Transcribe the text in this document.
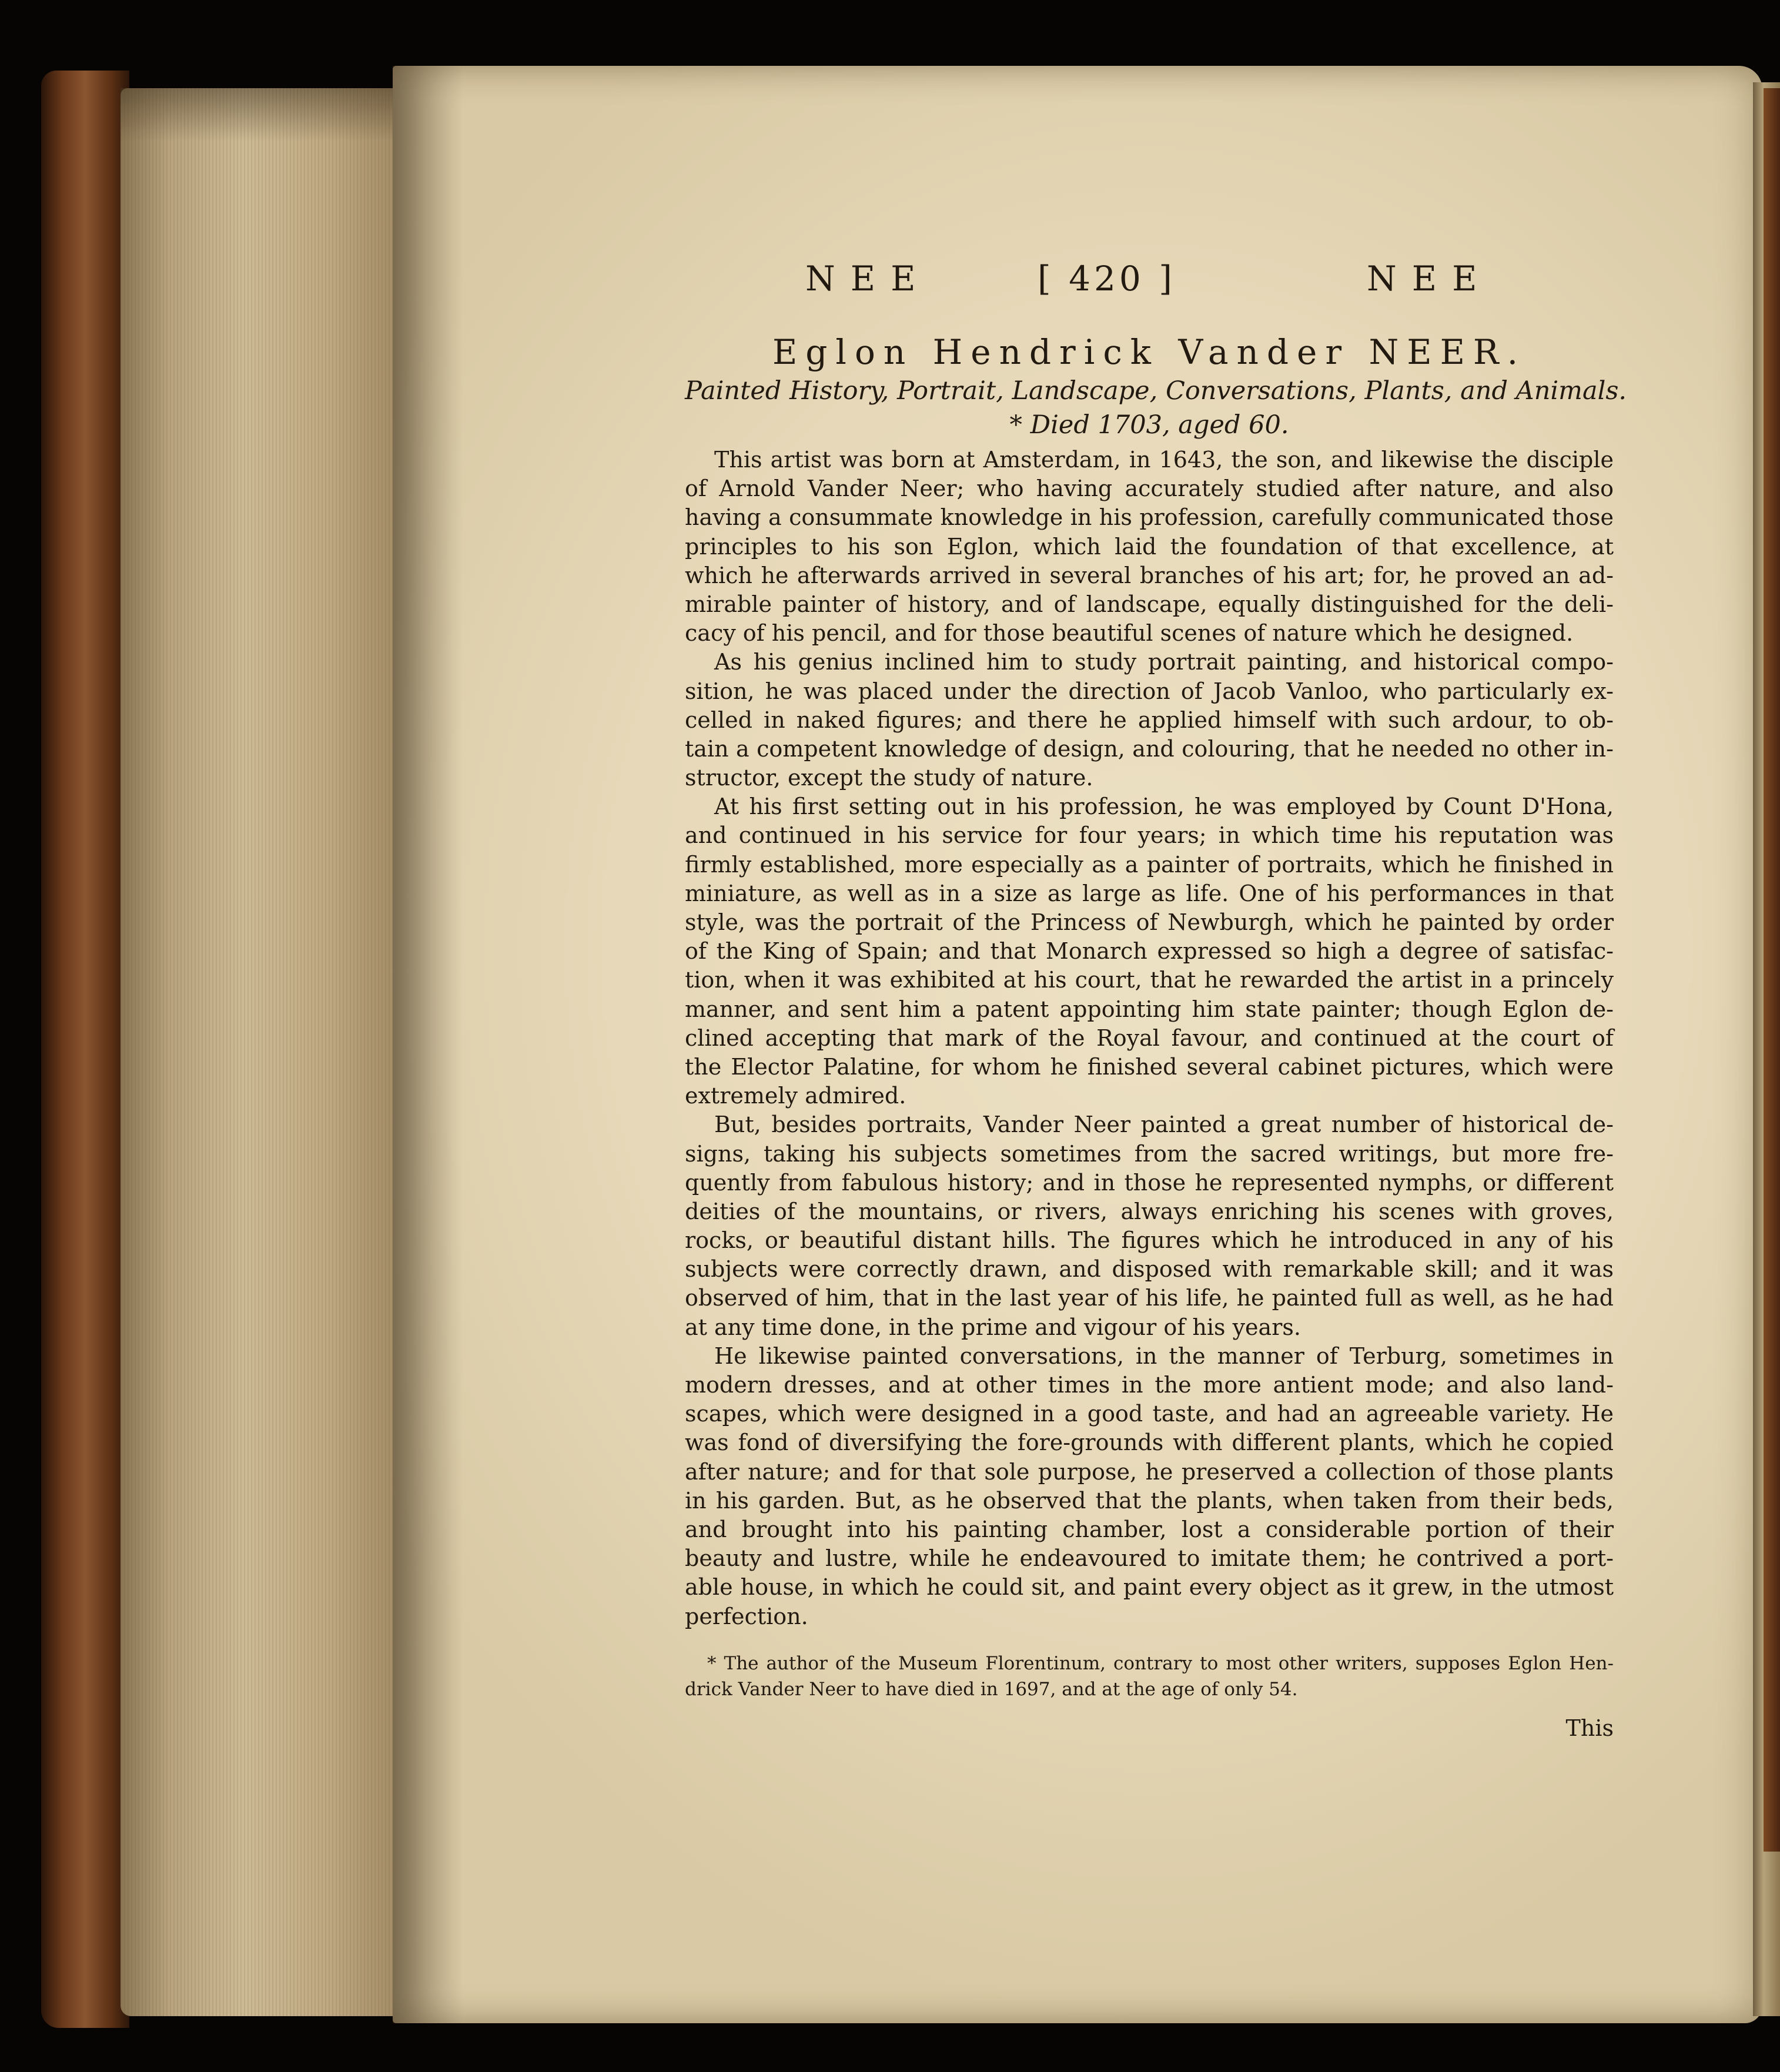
NEE	[ 420 ]	NEE
Eglon Hendrick Vander NEER.
Painted History, Portrait, Landscape, Conversations, Plants, and Animals.
* Died 1703, aged 60.
This artist was born at Amsterdam, in 1643, the son, and likewise the disciple
of Arnold Vander Neer; who having accurately studied after nature, and also
having a consummate knowledge in his profession, carefully communicated those
principles to his son Eglon, which laid the foundation of that excellence, at
which he afterwards arrived in several branches of his art; for, he proved an ad-
mirable painter of history, and of landscape, equally distinguished for the deli-
cacy of his pencil, and for those beautiful scenes of nature which he designed.
As his genius inclined him to study portrait painting, and historical compo-
sition, he was placed under the direction of Jacob Vanloo, who particularly ex-
celled in naked figures; and there he applied himself with such ardour, to ob-
tain a competent knowledge of design, and colouring, that he needed no other in-
structor, except the study of nature.
At his first setting out in his profession, he was employed by Count D'Hona,
and continued in his service for four years; in which time his reputation was
firmly established, more especially as a painter of portraits, which he finished in
miniature, as well as in a size as large as life. One of his performances in that
style, was the portrait of the Princess of Newburgh, which he painted by order
of the King of Spain; and that Monarch expressed so high a degree of satisfac-
tion, when it was exhibited at his court, that he rewarded the artist in a princely
manner, and sent him a patent appointing him state painter; though Eglon de-
clined accepting that mark of the Royal favour, and continued at the court of
the Elector Palatine, for whom he finished several cabinet pictures, which were
extremely admired.
But, besides portraits, Vander Neer painted a great number of historical de-
signs, taking his subjects sometimes from the sacred writings, but more fre-
quently from fabulous history; and in those he represented nymphs, or different
deities of the mountains, or rivers, always enriching his scenes with groves,
rocks, or beautiful distant hills. The figures which he introduced in any of his
subjects were correctly drawn, and disposed with remarkable skill; and it was
observed of him, that in the last year of his life, he painted full as well, as he had
at any time done, in the prime and vigour of his years.
He likewise painted conversations, in the manner of Terburg, sometimes in
modern dresses, and at other times in the more antient mode; and also land-
scapes, which were designed in a good taste, and had an agreeable variety. He
was fond of diversifying the fore-grounds with different plants, which he copied
after nature; and for that sole purpose, he preserved a collection of those plants
in his garden. But, as he observed that the plants, when taken from their beds,
and brought into his painting chamber, lost a considerable portion of their
beauty and lustre, while he endeavoured to imitate them; he contrived a port-
able house, in which he could sit, and paint every object as it grew, in the utmost
perfection.
* The author of the Museum Florentinum, contrary to most other writers, supposes Eglon Hen-
drick Vander Neer to have died in 1697, and at the age of only 54.
This
